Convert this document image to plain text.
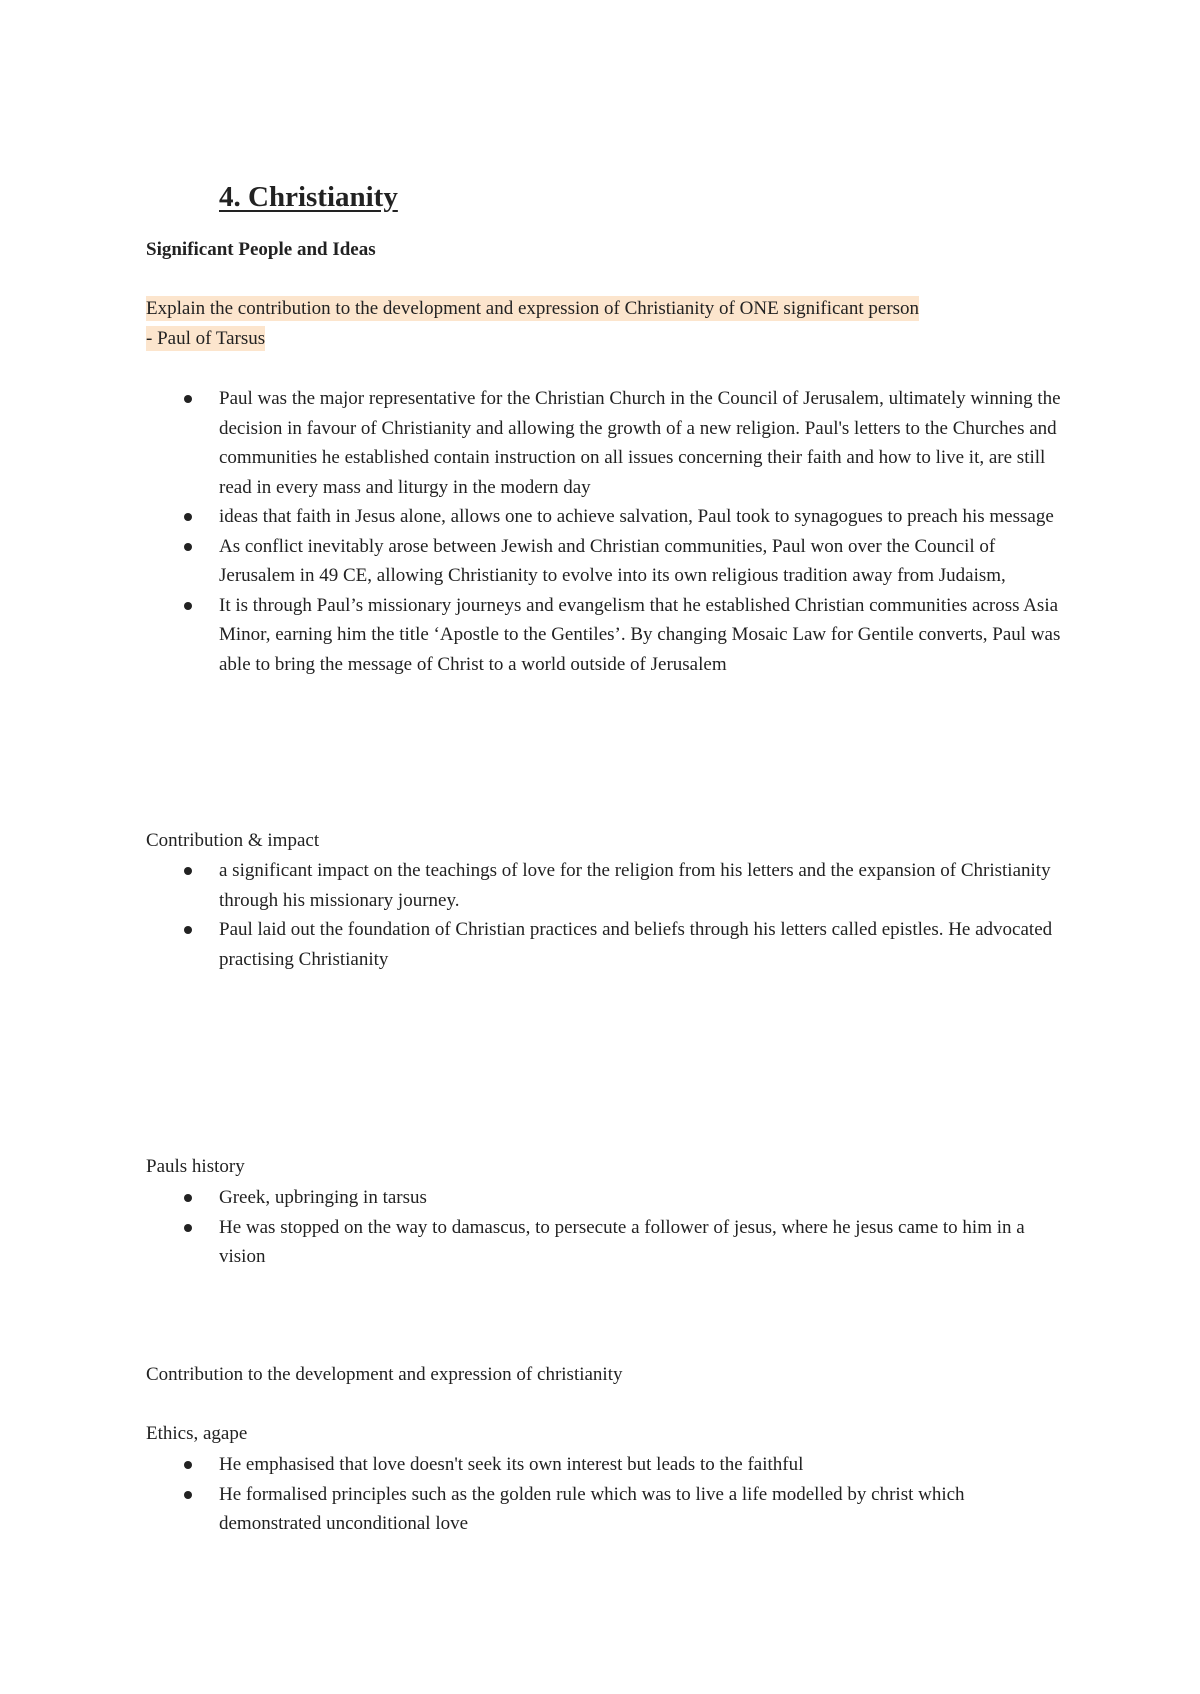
4. Christianity

Significant People and Ideas

Explain the contribution to the development and expression of Christianity of ONE significant person
- Paul of Tarsus

Paul was the major representative for the Christian Church in the Council of Jerusalem, ultimately winning the decision in favour of Christianity and allowing the growth of a new religion. Paul's letters to the Churches and communities he established contain instruction on all issues concerning their faith and how to live it, are still read in every mass and liturgy in the modern day
ideas that faith in Jesus alone, allows one to achieve salvation, Paul took to synagogues to preach his message
As conflict inevitably arose between Jewish and Christian communities, Paul won over the Council of Jerusalem in 49 CE, allowing Christianity to evolve into its own religious tradition away from Judaism,
It is through Paul’s missionary journeys and evangelism that he established Christian communities across Asia Minor, earning him the title ‘Apostle to the Gentiles’. By changing Mosaic Law for Gentile converts, Paul was able to bring the message of Christ to a world outside of Jerusalem

Contribution & impact

a significant impact on the teachings of love for the religion from his letters and the expansion of Christianity through his missionary journey.
Paul laid out the foundation of Christian practices and beliefs through his letters called epistles. He advocated practising Christianity

Pauls history

Greek, upbringing in tarsus
He was stopped on the way to damascus, to persecute a follower of jesus, where he jesus came to him in a vision

Contribution to the development and expression of christianity

Ethics, agape

He emphasised that love doesn't seek its own interest but leads to the faithful
He formalised principles such as the golden rule which was to live a life modelled by christ which demonstrated unconditional love
